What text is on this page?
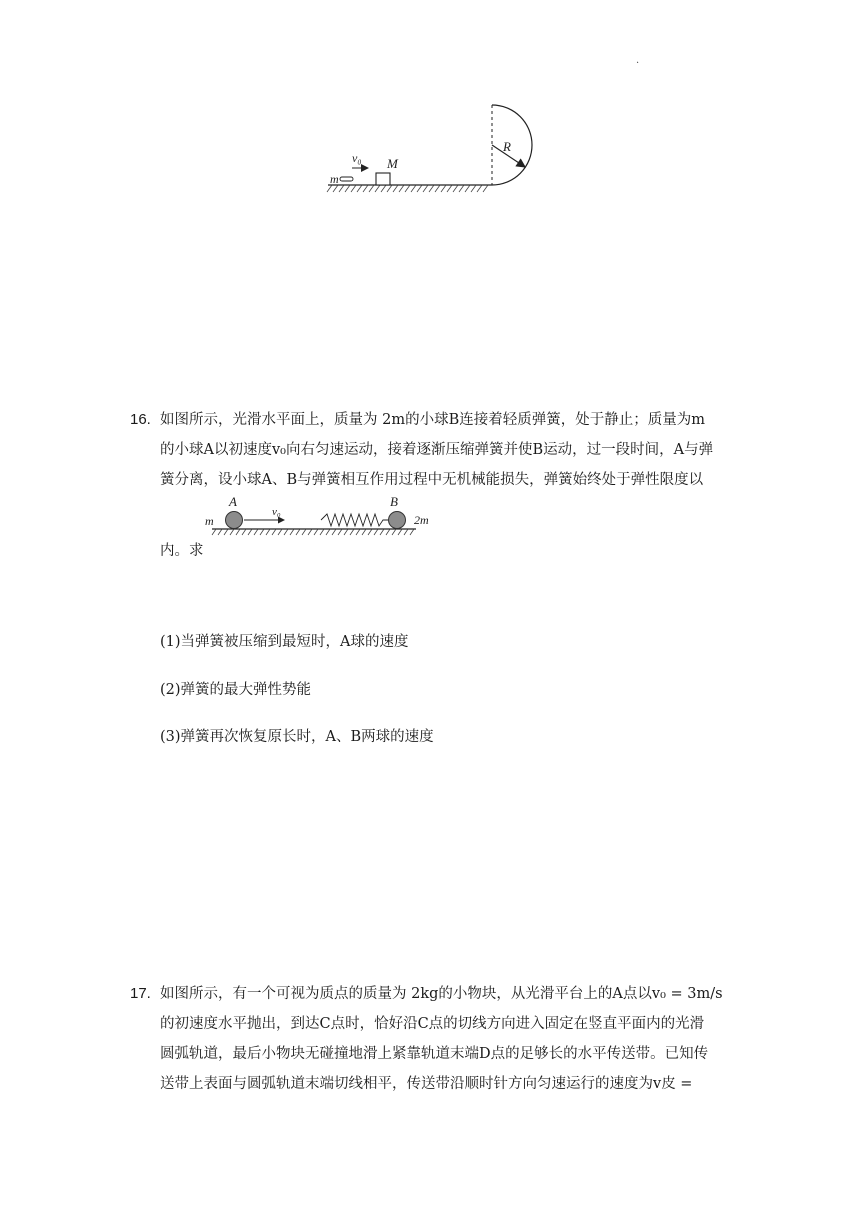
·
R
M
m
v₀
16. 如图所示，光滑水平面上，质量为 2m的小球B连接着轻质弹簧，处于静止；质量为m
的小球A以初速度v₀向右匀速运动，接着逐渐压缩弹簧并使B运动，过一段时间，A与弹
簧分离，设小球A、B与弹簧相互作用过程中无机械能损失，弹簧始终处于弹性限度以
v₀
A	B
m	2m
内。求
(1)当弹簧被压缩到最短时，A球的速度
(2)弹簧的最大弹性势能
(3)弹簧再次恢复原长时，A、B两球的速度
17. 如图所示，有一个可视为质点的质量为 2kg的小物块，从光滑平台上的A点以v₀ = 3m/s
的初速度水平抛出，到达C点时，恰好沿C点的切线方向进入固定在竖直平面内的光滑
圆弧轨道，最后小物块无碰撞地滑上紧靠轨道末端D点的足够长的水平传送带。已知传
送带上表面与圆弧轨道末端切线相平，传送带沿顺时针方向匀速运行的速度为v皮 =
